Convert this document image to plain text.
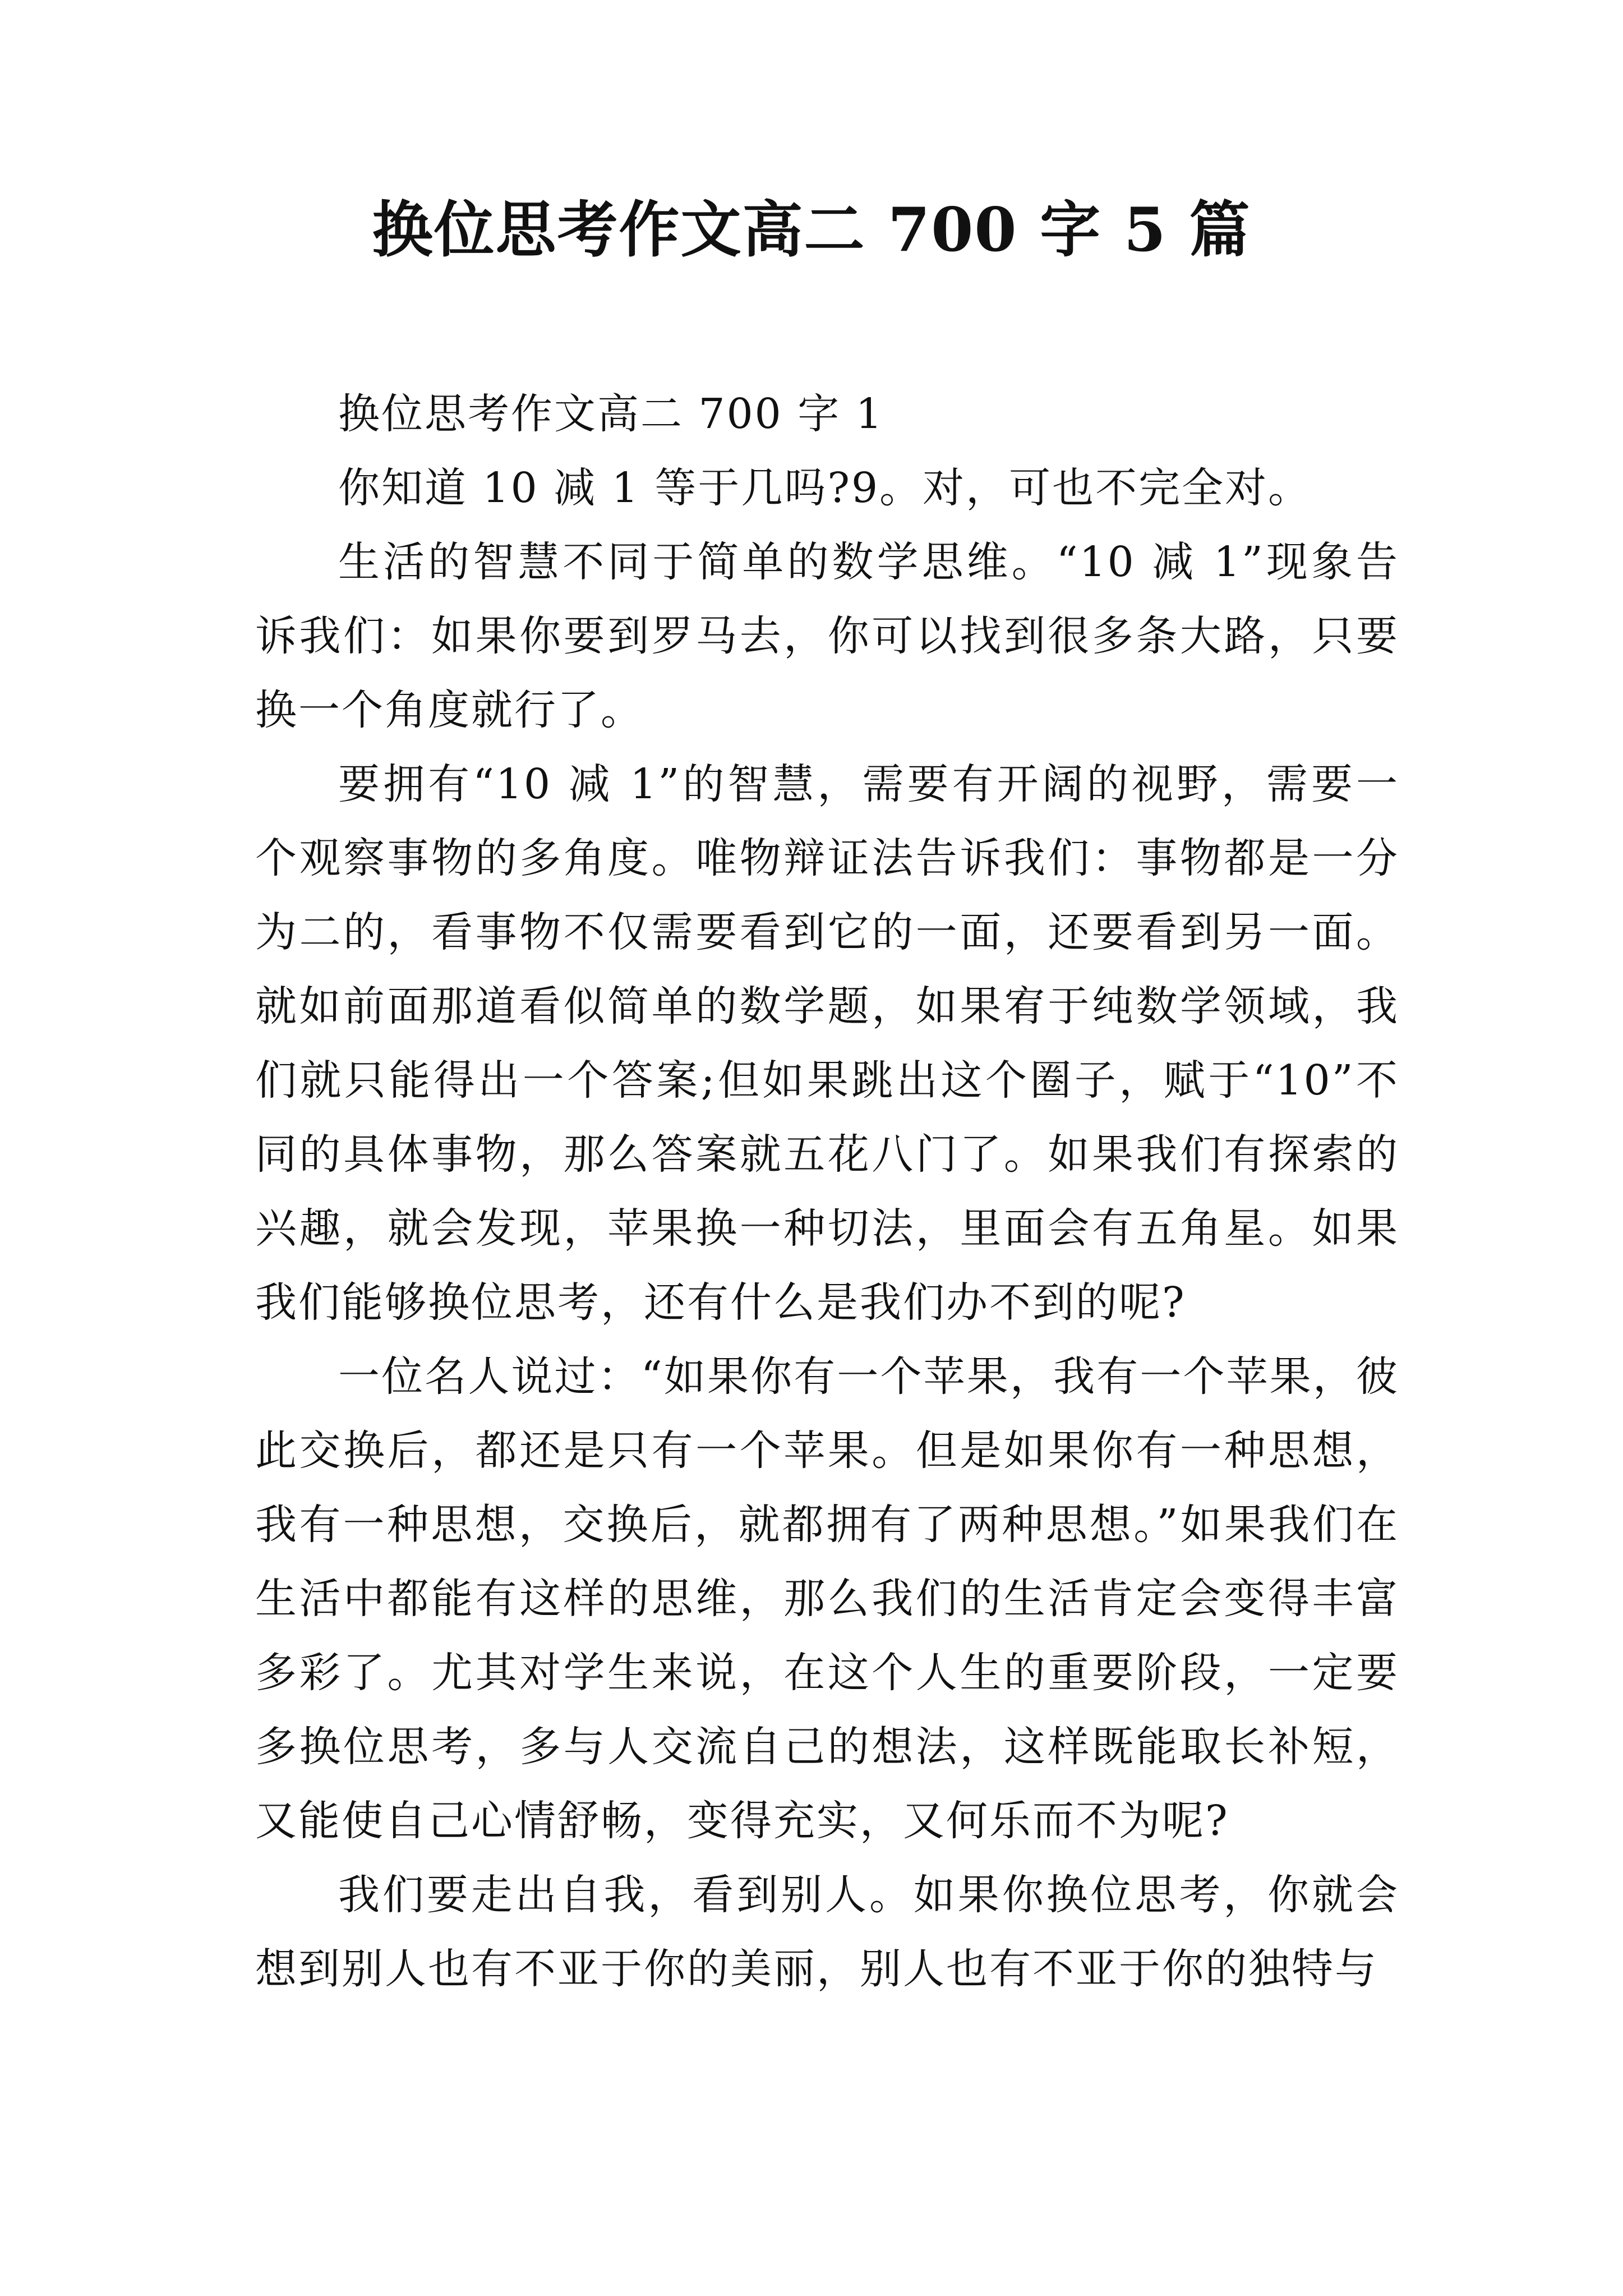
换位思考作文高二 700 字 5 篇

换位思考作文高二 700 字 1

你知道 10 减 1 等于几吗?9。对，可也不完全对。

生活的智慧不同于简单的数学思维。“10 减 1”现象告诉我们：如果你要到罗马去，你可以找到很多条大路，只要换一个角度就行了。

要拥有“10 减 1”的智慧，需要有开阔的视野，需要一个观察事物的多角度。唯物辩证法告诉我们：事物都是一分为二的，看事物不仅需要看到它的一面，还要看到另一面。就如前面那道看似简单的数学题，如果宥于纯数学领域，我们就只能得出一个答案;但如果跳出这个圈子，赋于“10”不同的具体事物，那么答案就五花八门了。如果我们有探索的兴趣，就会发现，苹果换一种切法，里面会有五角星。如果我们能够换位思考，还有什么是我们办不到的呢?

一位名人说过：“如果你有一个苹果，我有一个苹果，彼此交换后，都还是只有一个苹果。但是如果你有一种思想，我有一种思想，交换后，就都拥有了两种思想。”如果我们在生活中都能有这样的思维，那么我们的生活肯定会变得丰富多彩了。尤其对学生来说，在这个人生的重要阶段，一定要多换位思考，多与人交流自己的想法，这样既能取长补短，又能使自己心情舒畅，变得充实，又何乐而不为呢?

我们要走出自我，看到别人。如果你换位思考，你就会想到别人也有不亚于你的美丽，别人也有不亚于你的独特与
